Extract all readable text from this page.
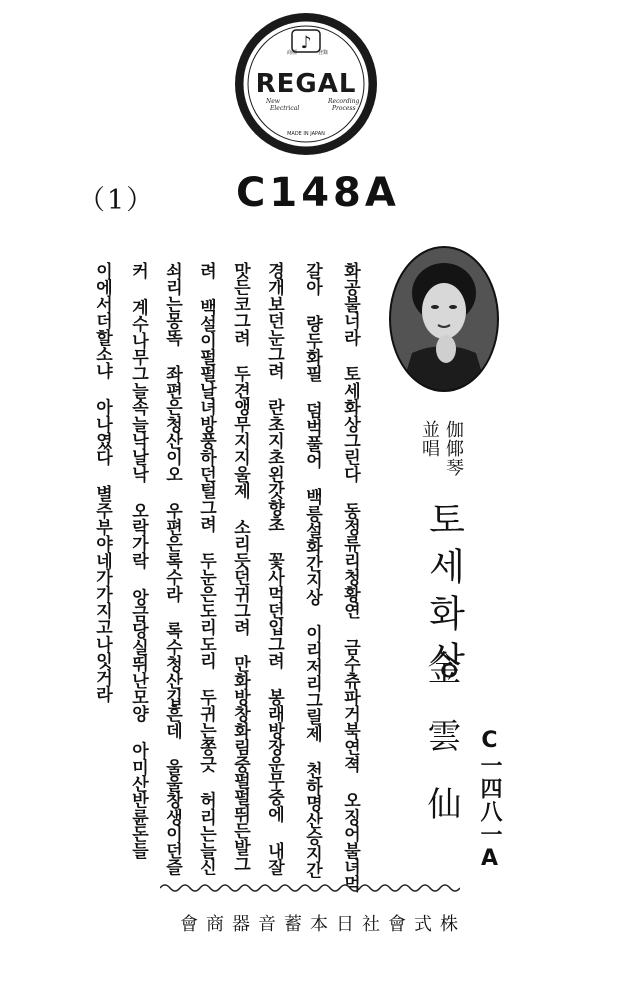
♪
商標	登錄
REGAL
New
Electrical
Recording
Process
MADE IN JAPAN
（1） C148A
화공불너라 토세화상그린다 동정류리청황연 금수츄파거북연젹 오징어불녀먹
갈아 량두화필 덤벅풀어 백릉설화간지상 이리저리그릴제 천하명산승지간
경개보던눈그려 란초지초왼갓향초 꽃사먹던입그려 봉래방장운무중에 내잘
맛든코그려 두견앵무지지울제 소리듯던귀그려 만화방창화림중펄펄뛰든발그
려 백설이펄펄날녀방풍하던털그려 두눈은도리도리 두귀는쫑긋 허리는늘신
쇠리는몽똑 좌편은청산이오 우편은록수라 록수청산깁흔데 울울창생이던즐
커 계수나무그늘속늘낙날낙 오락가락 앙금당실뛰난모양 아미산반륜돈들
이에서더할소냐 아나였다 별주부야네가가지고나잇거라	伽倻琴
並唱
토세화상
金雲仙 C一四八一A
株式會社日本蓄音器商會
